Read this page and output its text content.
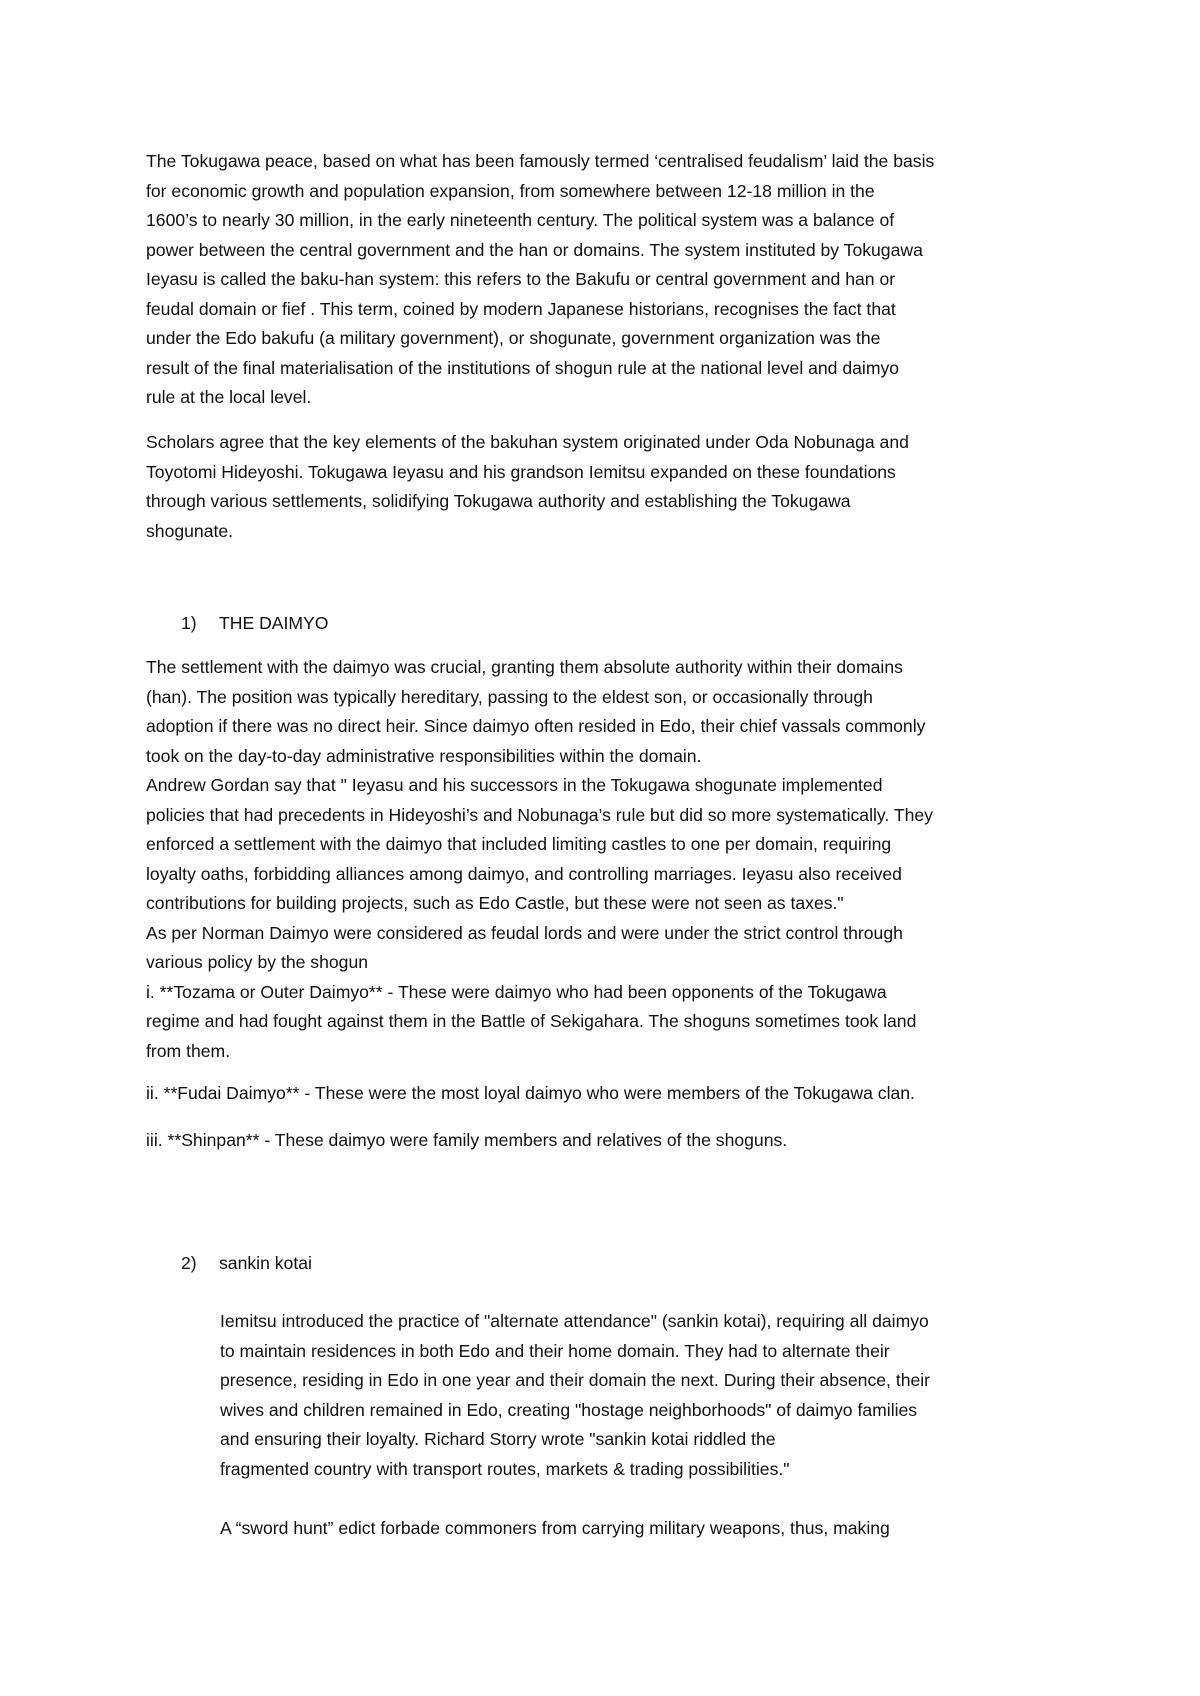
The Tokugawa peace, based on what has been famously termed ‘centralised feudalism’ laid the basis
for economic growth and population expansion, from somewhere between 12-18 million in the
1600’s to nearly 30 million, in the early nineteenth century. The political system was a balance of
power between the central government and the han or domains. The system instituted by Tokugawa
Ieyasu is called the baku-han system: this refers to the Bakufu or central government and han or
feudal domain or fief . This term, coined by modern Japanese historians, recognises the fact that
under the Edo bakufu (a military government), or shogunate, government organization was the
result of the final materialisation of the institutions of shogun rule at the national level and daimyo
rule at the local level.
Scholars agree that the key elements of the bakuhan system originated under Oda Nobunaga and
Toyotomi Hideyoshi. Tokugawa Ieyasu and his grandson Iemitsu expanded on these foundations
through various settlements, solidifying Tokugawa authority and establishing the Tokugawa
shogunate.
1) THE DAIMYO
The settlement with the daimyo was crucial, granting them absolute authority within their domains
(han). The position was typically hereditary, passing to the eldest son, or occasionally through
adoption if there was no direct heir. Since daimyo often resided in Edo, their chief vassals commonly
took on the day-to-day administrative responsibilities within the domain.
Andrew Gordan say that " Ieyasu and his successors in the Tokugawa shogunate implemented
policies that had precedents in Hideyoshi’s and Nobunaga’s rule but did so more systematically. They
enforced a settlement with the daimyo that included limiting castles to one per domain, requiring
loyalty oaths, forbidding alliances among daimyo, and controlling marriages. Ieyasu also received
contributions for building projects, such as Edo Castle, but these were not seen as taxes."
As per Norman Daimyo were considered as feudal lords and were under the strict control through
various policy by the shogun
i. **Tozama or Outer Daimyo** - These were daimyo who had been opponents of the Tokugawa
regime and had fought against them in the Battle of Sekigahara. The shoguns sometimes took land
from them.
ii. **Fudai Daimyo** - These were the most loyal daimyo who were members of the Tokugawa clan.
iii. **Shinpan** - These daimyo were family members and relatives of the shoguns.
2) sankin kotai
Iemitsu introduced the practice of "alternate attendance" (sankin kotai), requiring all daimyo
to maintain residences in both Edo and their home domain. They had to alternate their
presence, residing in Edo in one year and their domain the next. During their absence, their
wives and children remained in Edo, creating "hostage neighborhoods" of daimyo families
and ensuring their loyalty. Richard Storry wrote "sankin kotai riddled the
fragmented country with transport routes, markets & trading possibilities."
A “sword hunt” edict forbade commoners from carrying military weapons, thus, making
